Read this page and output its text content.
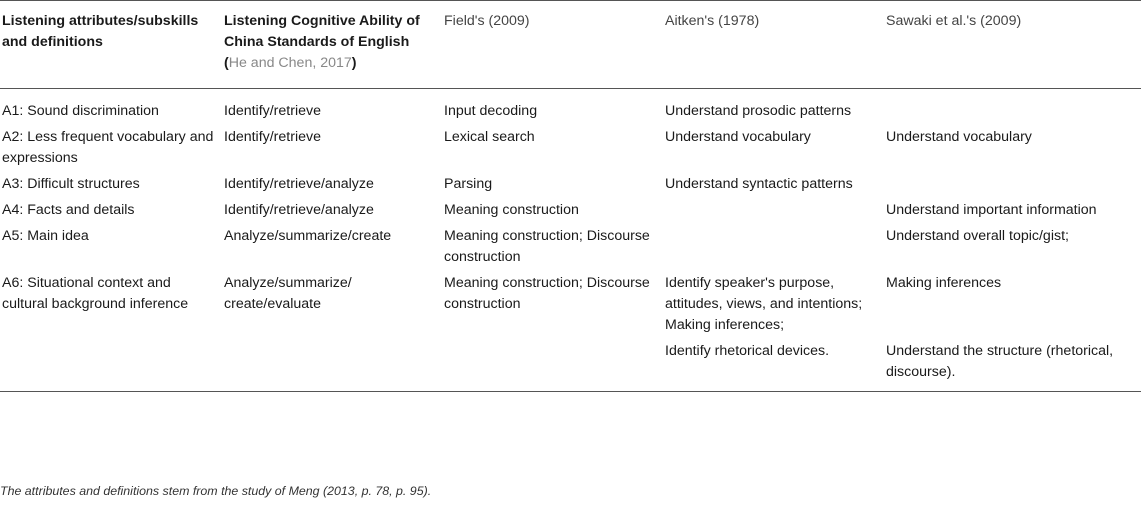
Listening attributes/subskills and definitions	Listening Cognitive Ability of China Standards of English (He and Chen, 2017)	Field's (2009)	Aitken's (1978)	Sawaki et al.'s (2009)
A1: Sound discrimination	Identify/retrieve	Input decoding	Understand prosodic patterns	
A2: Less frequent vocabulary and expressions	Identify/retrieve	Lexical search	Understand vocabulary	Understand vocabulary
A3: Difficult structures	Identify/retrieve/analyze	Parsing	Understand syntactic patterns	
A4: Facts and details	Identify/retrieve/analyze	Meaning construction		Understand important information
A5: Main idea	Analyze/summarize/create	Meaning construction; Discourse construction		Understand overall topic/gist;
A6: Situational context and cultural background inference	Analyze/summarize/ create/evaluate	Meaning construction; Discourse construction	Identify speaker's purpose, attitudes, views, and intentions; Making inferences;	Making inferences
			Identify rhetorical devices.	Understand the structure (rhetorical, discourse).
The attributes and definitions stem from the study of Meng (2013, p. 78, p. 95).
